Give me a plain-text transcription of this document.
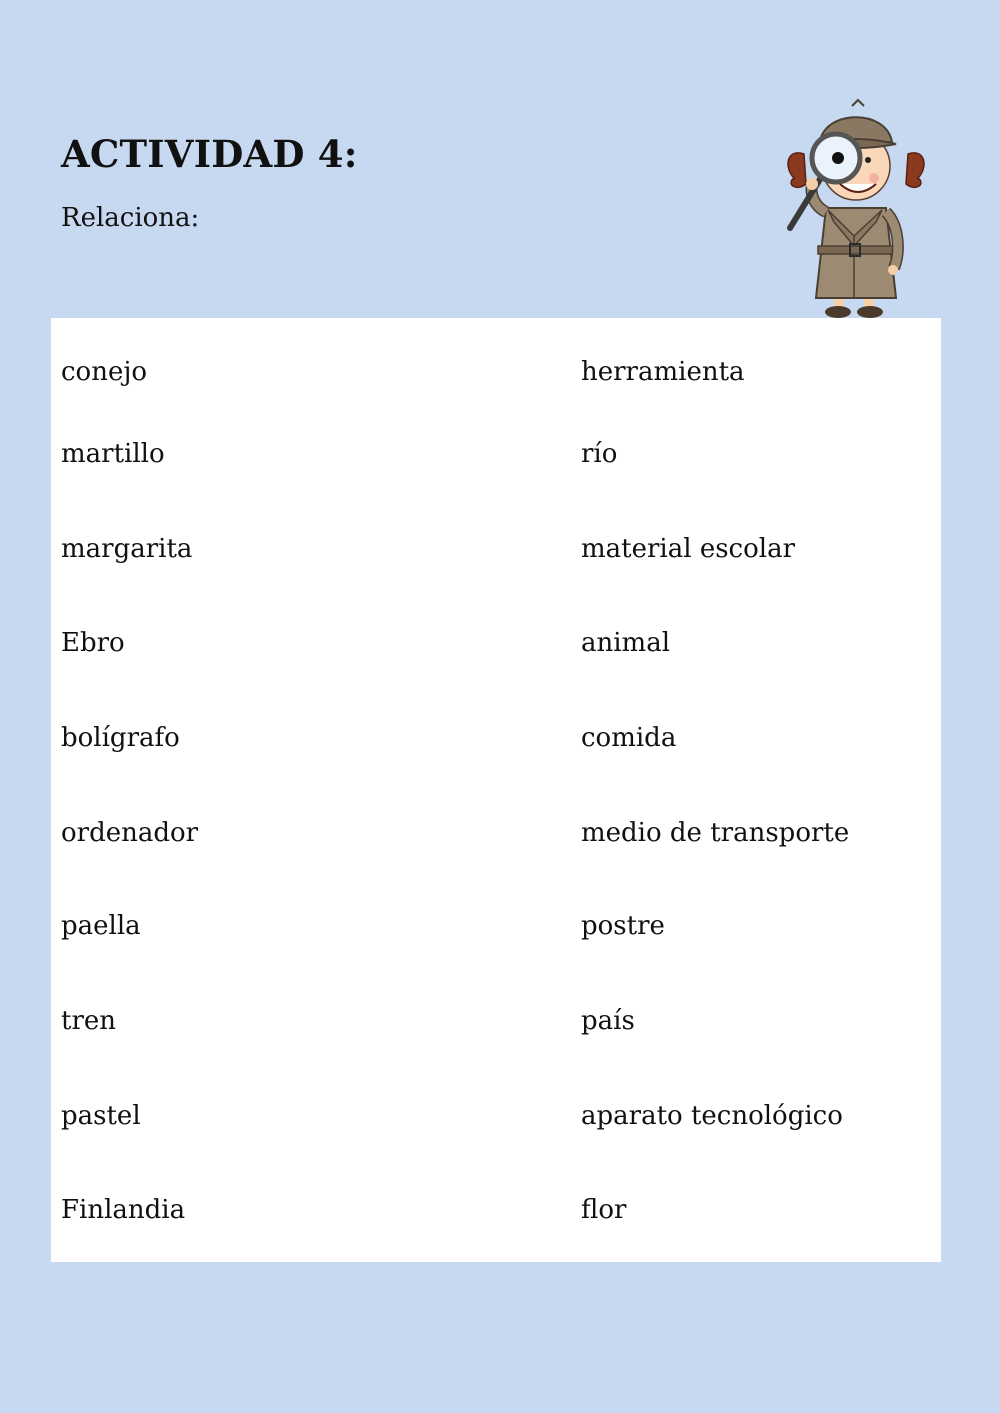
ACTIVIDAD 4:

Relaciona:

conejo	herramienta
martillo	río
margarita	material escolar
Ebro	animal
bolígrafo	comida
ordenador	medio de transporte
paella	postre
tren	país
pastel	aparato tecnológico
Finlandia	flor
